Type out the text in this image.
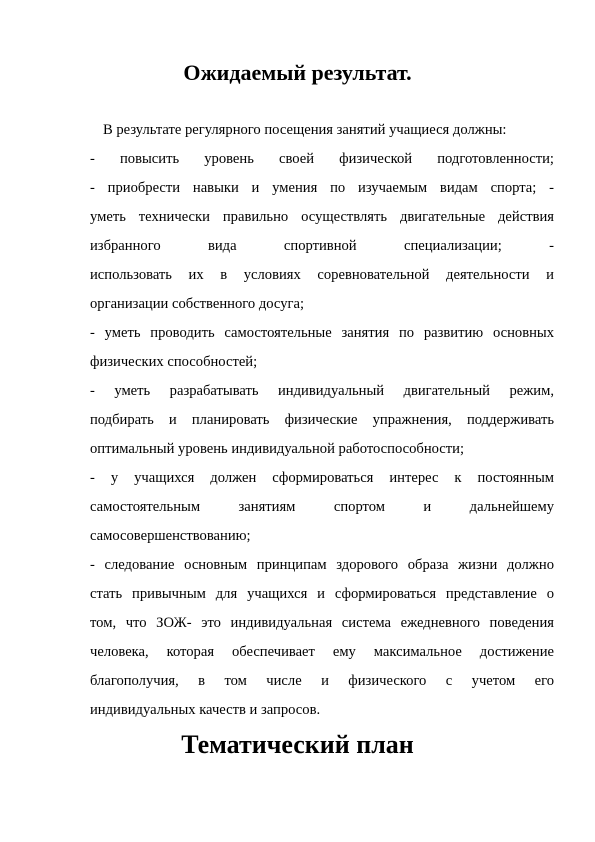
Ожидаемый результат.
В результате регулярного посещения занятий учащиеся должны:
- повысить уровень своей физической подготовленности;
- приобрести навыки и умения по изучаемым видам спорта; -
уметь технически правильно осуществлять двигательные действия
избранного вида спортивной специализации; -
использовать их в условиях соревновательной деятельности и
организации собственного досуга;
- уметь проводить самостоятельные занятия по развитию основных
физических способностей;
- уметь разрабатывать индивидуальный двигательный режим,
подбирать и планировать физические упражнения, поддерживать
оптимальный уровень индивидуальной работоспособности;
- у учащихся должен сформироваться интерес к постоянным
самостоятельным занятиям спортом и дальнейшему
самосовершенствованию;
- следование основным принципам здорового образа жизни должно
стать привычным для учащихся и сформироваться представление о
том, что ЗОЖ- это индивидуальная система ежедневного поведения
человека, которая обеспечивает ему максимальное достижение
благополучия, в том числе и физического с учетом его
индивидуальных качеств и запросов.
Тематический план
